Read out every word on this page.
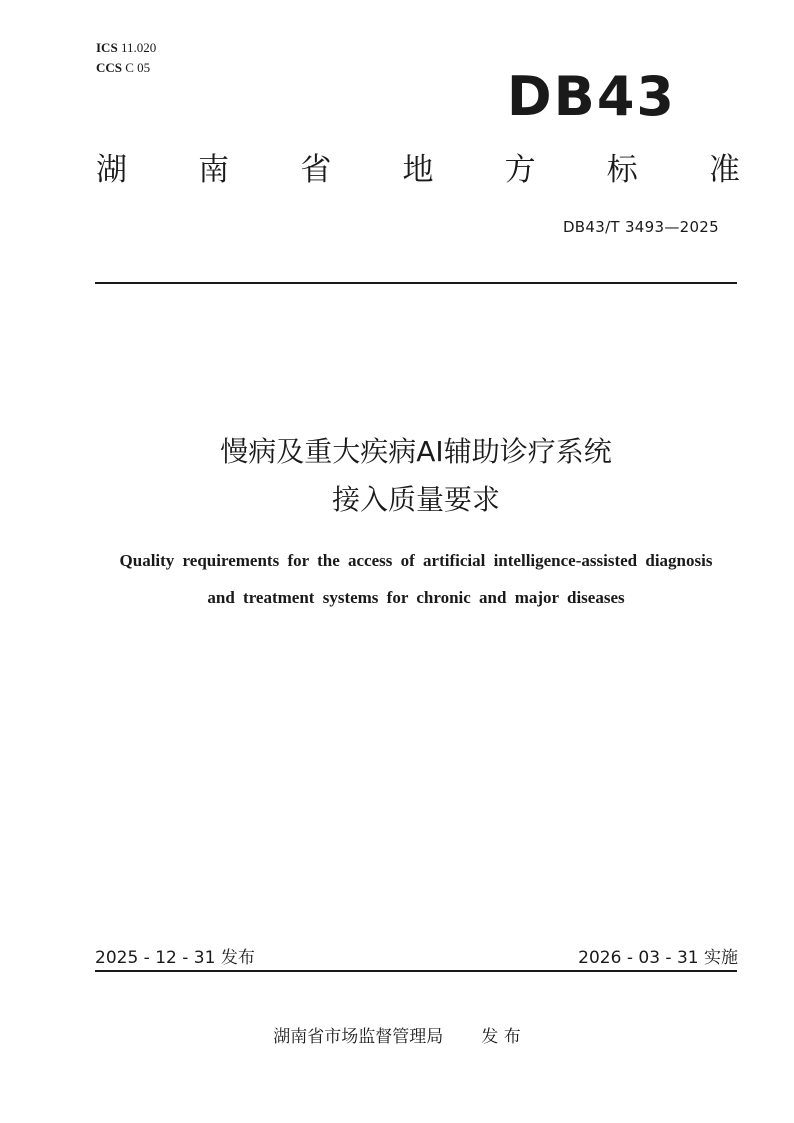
ICS 11.020
CCS C 05	DB43
湖 南 省 地 方 标 准
DB43/T 3493—2025
慢病及重大疾病AI辅助诊疗系统
接入质量要求
Quality requirements for the access of artificial intelligence-assisted diagnosis
and treatment systems for chronic and major diseases
2025 - 12 - 31 发布	2026 - 03 - 31 实施
湖南省市场监督管理局 发 布
